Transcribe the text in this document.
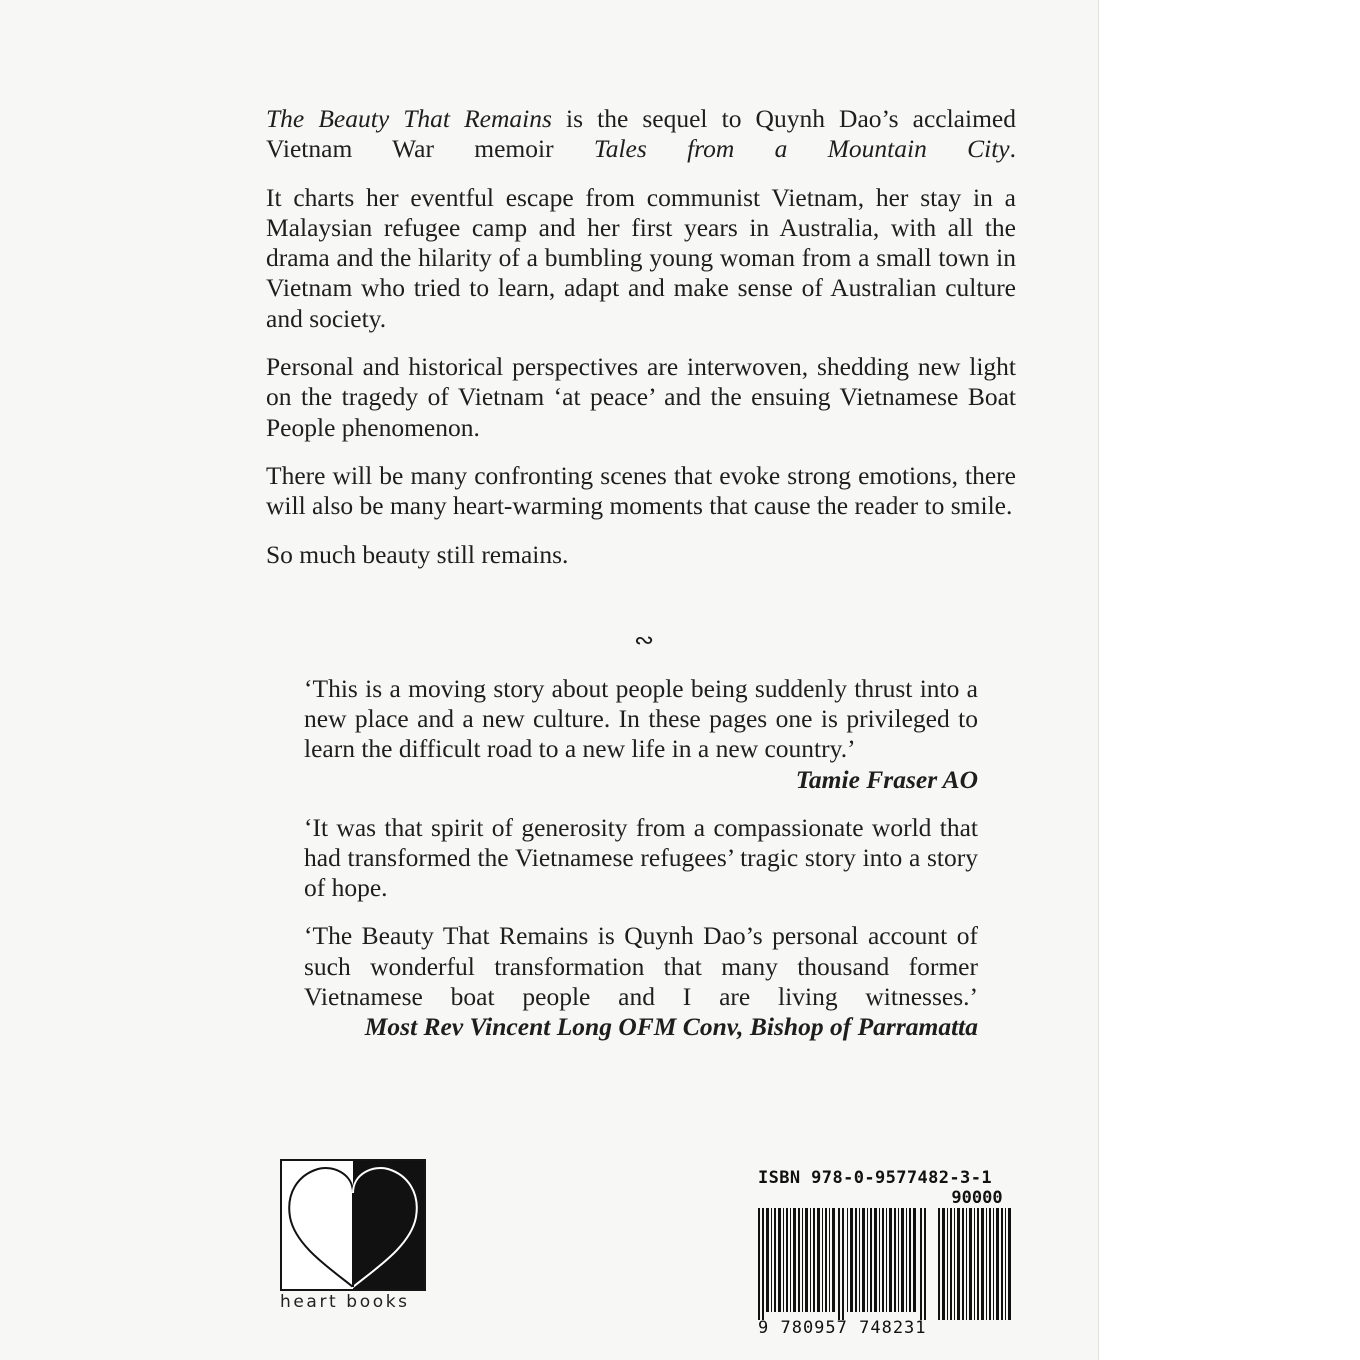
The Beauty That Remains is the sequel to Quynh Dao’s acclaimed Vietnam War memoir Tales from a Mountain City.

It charts her eventful escape from communist Vietnam, her stay in a Malaysian refugee camp and her first years in Australia, with all the drama and the hilarity of a bumbling young woman from a small town in Vietnam who tried to learn, adapt and make sense of Australian culture and society.

Personal and historical perspectives are interwoven, shedding new light on the tragedy of Vietnam ‘at peace’ and the ensuing Vietnamese Boat People phenomenon.

There will be many confronting scenes that evoke strong emotions, there will also be many heart-warming moments that cause the reader to smile.

So much beauty still remains.

∾

‘This is a moving story about people being suddenly thrust into a new place and a new culture. In these pages one is privileged to learn the difficult road to a new life in a new country.’

Tamie Fraser AO

‘It was that spirit of generosity from a compassionate world that had transformed the Vietnamese refugees’ tragic story into a story of hope.

‘The Beauty That Remains is Quynh Dao’s personal account of such wonderful transformation that many thousand former Vietnamese boat people and I are living witnesses.’

Most Rev Vincent Long OFM Conv, Bishop of Parramatta

heart books
ISBN 978-0-9577482-3-1
90000
9 780957 748231
